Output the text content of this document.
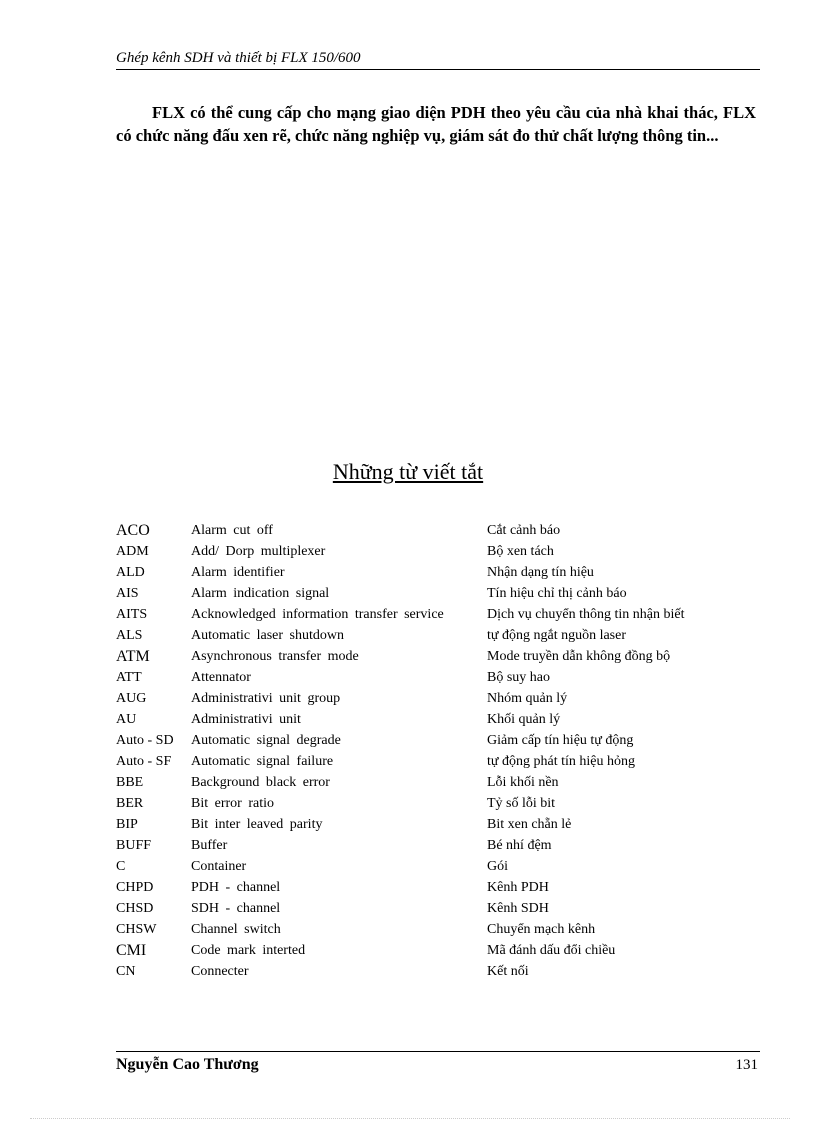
Ghép kênh SDH và thiết bị FLX 150/600

FLX có thể cung cấp cho mạng giao diện PDH theo yêu cầu của nhà khai thác, FLX có chức năng đấu xen rẽ, chức năng nghiệp vụ, giám sát đo thử chất lượng thông tin...

Những từ viết tắt
ACO	Alarm cut off	Cắt cảnh báo
ADM	Add/ Dorp multiplexer	Bộ xen tách
ALD	Alarm identifier	Nhận dạng tín hiệu
AIS	Alarm indication signal	Tín hiệu chỉ thị cảnh báo
AITS	Acknowledged information transfer service	Dịch vụ chuyển thông tin nhận biết
ALS	Automatic laser shutdown	tự động ngắt nguồn laser
ATM	Asynchronous transfer mode	Mode truyền dẫn không đồng bộ
ATT	Attennator	Bộ suy hao
AUG	Administrativi unit group	Nhóm quản lý
AU	Administrativi unit	Khối quản lý
Auto - SD	Automatic signal degrade	Giảm cấp tín hiệu tự động
Auto - SF	Automatic signal failure	tự động phát tín hiệu hỏng
BBE	Background black error	Lỗi khối nền
BER	Bit error ratio	Tỷ số lỗi bit
BIP	Bit inter leaved parity	Bit xen chẵn lẻ
BUFF	Buffer	Bé nhí đệm
C	Container	Gói
CHPD	PDH - channel	Kênh PDH
CHSD	SDH - channel	Kênh SDH
CHSW	Channel switch	Chuyển mạch kênh
CMI	Code mark interted	Mã đánh dấu đổi chiều
CN	Connecter	Kết nối
Nguyễn Cao Thương	131
